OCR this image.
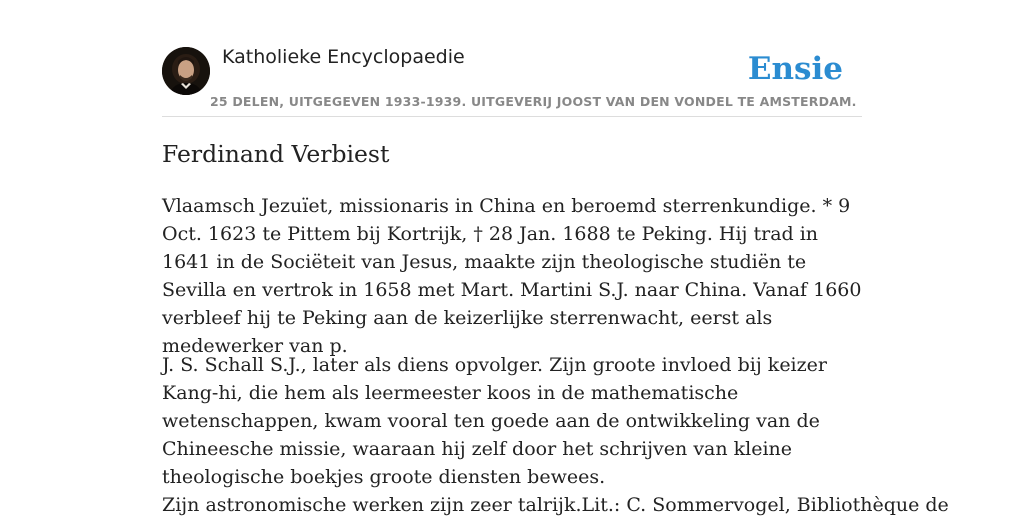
Katholieke Encyclopaedie
25 DELEN, UITGEGEVEN 1933-1939. UITGEVERIJ JOOST VAN DEN VONDEL TE AMSTERDAM.
Ensie
Ferdinand Verbiest

Vlaamsch Jezuïet, missionaris in China en beroemd sterrenkundige. * 9 Oct. 1623 te Pittem bij Kortrijk, † 28 Jan. 1688 te Peking. Hij trad in 1641 in de Sociëteit van Jesus, maakte zijn theologische studiën te Sevilla en vertrok in 1658 met Mart. Martini S.J. naar China. Vanaf 1660 verbleef hij te Peking aan de keizerlijke sterrenwacht, eerst als medewerker van p.

J. S. Schall S.J., later als diens opvolger. Zijn groote invloed bij keizer Kang-hi, die hem als leermeester koos in de mathematische wetenschappen, kwam vooral ten goede aan de ontwikkeling van de Chineesche missie, waaraan hij zelf door het schrijven van kleine theologische boekjes groote diensten bewees.

Zijn astronomische werken zijn zeer talrijk.Lit.: C. Sommervogel, Bibliothèque de
